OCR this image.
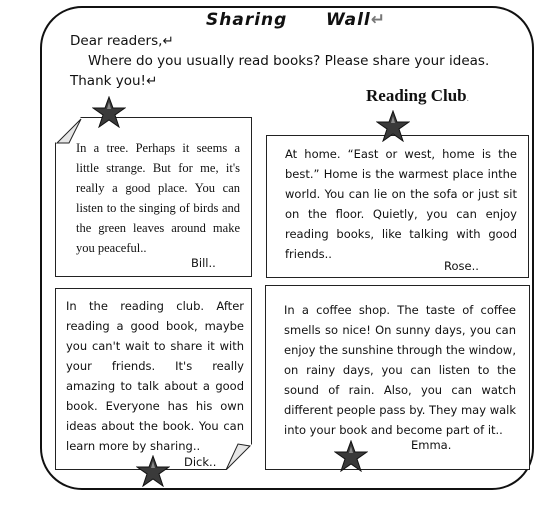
Sharing Wall↵
Dear readers,↵
Where do you usually read books? Please share your ideas. Thank you!↵
Reading Club.

In a tree. Perhaps it seems a little strange. But for me, it's really a good place. You can listen to the singing of birds and the green leaves around make you peaceful..

Bill..

At home. “East or west, home is the best.” Home is the warmest place inthe world. You can lie on the sofa or just sit on the floor. Quietly, you can enjoy reading books, like talking with good friends..

Rose..

In the reading club. After reading a good book, maybe you can't wait to share it with your friends. It's really amazing to talk about a good book. Everyone has his own ideas about the book. You can learn more by sharing..

Dick..

In a coffee shop. The taste of coffee smells so nice! On sunny days, you can enjoy the sunshine through the window, on rainy days, you can listen to the sound of rain. Also, you can watch different people pass by. They may walk into your book and become part of it..

Emma.
